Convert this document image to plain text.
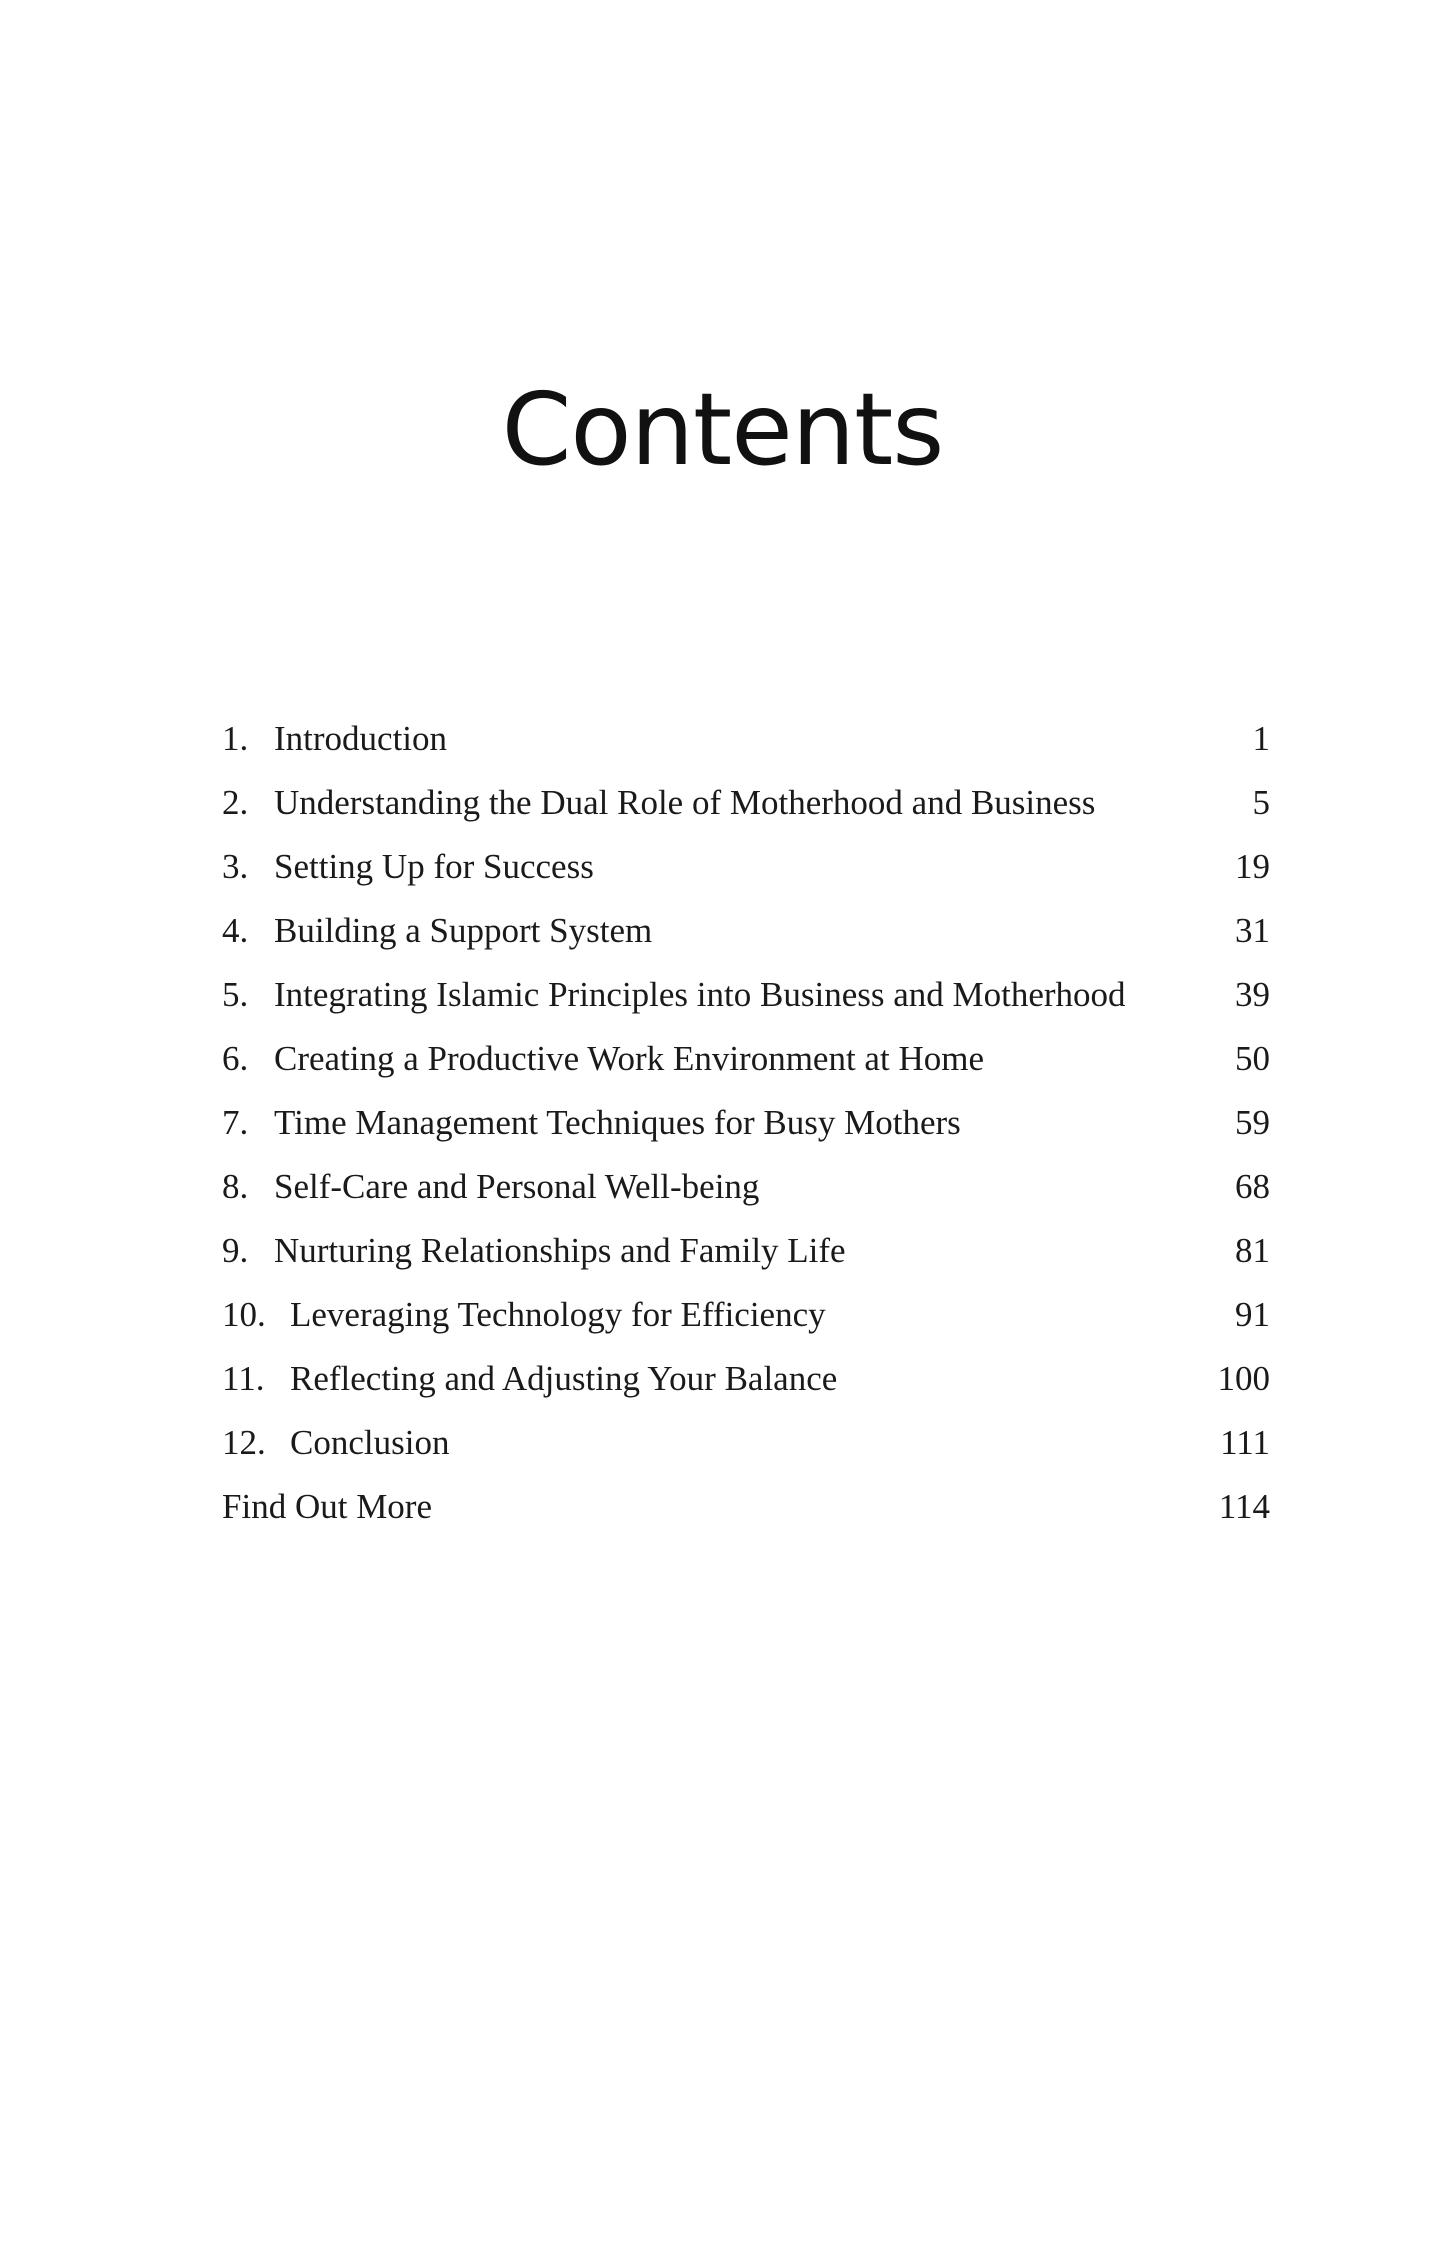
Contents
1. Introduction	1
2. Understanding the Dual Role of Motherhood and Business	5
3. Setting Up for Success	19
4. Building a Support System	31
5. Integrating Islamic Principles into Business and Motherhood	39
6. Creating a Productive Work Environment at Home	50
7. Time Management Techniques for Busy Mothers	59
8. Self-Care and Personal Well-being	68
9. Nurturing Relationships and Family Life	81
10. Leveraging Technology for Efficiency	91
11. Reflecting and Adjusting Your Balance	100
12. Conclusion	111
Find Out More	114
